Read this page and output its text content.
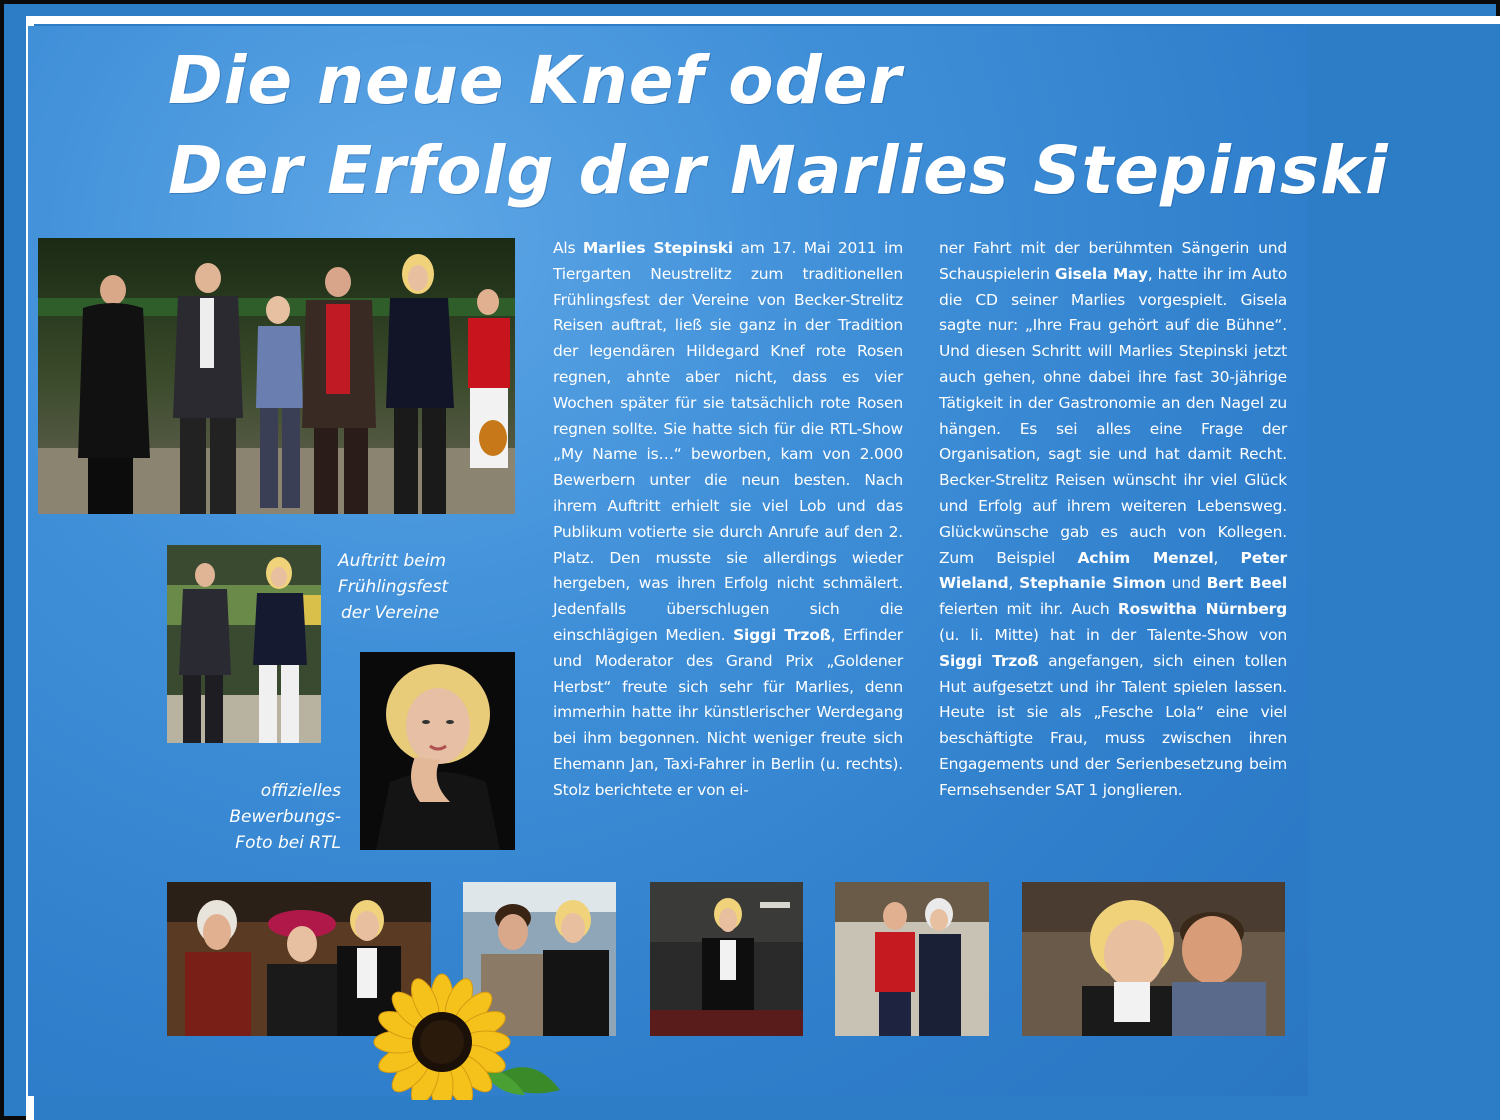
Die neue Knef oder
Der Erfolg der Marlies Stepinski
Auftritt beim
Frühlingsfest
der Vereine
offizielles
Bewerbungs-
Foto bei RTL
Als Marlies Stepinski am 17. Mai 2011 im Tiergarten Neustrelitz zum traditionellen Frühlingsfest der Vereine von Becker-Strelitz Reisen auftrat, ließ sie ganz in der Tradition der legendären Hildegard Knef rote Rosen regnen, ahnte aber nicht, dass es vier Wochen später für sie tatsächlich rote Rosen regnen sollte. Sie hatte sich für die RTL-Show „My Name is…“ beworben, kam von 2.000 Bewerbern unter die neun besten. Nach ihrem Auftritt erhielt sie viel Lob und das Publikum votierte sie durch Anrufe auf den 2. Platz. Den musste sie allerdings wieder hergeben, was ihren Erfolg nicht schmälert. Jedenfalls überschlugen sich die einschlägigen Medien. Siggi Trzoß, Erfinder und Moderator des Grand Prix „Goldener Herbst“ freute sich sehr für Marlies, denn immerhin hatte ihr künstlerischer Werdegang bei ihm begonnen. Nicht weniger freute sich Ehemann Jan, Taxi-Fahrer in Berlin (u. rechts). Stolz berichtete er von ei-
ner Fahrt mit der berühmten Sängerin und Schauspielerin Gisela May, hatte ihr im Auto die CD seiner Marlies vorgespielt. Gisela sagte nur: „Ihre Frau gehört auf die Bühne“. Und diesen Schritt will Marlies Stepinski jetzt auch gehen, ohne dabei ihre fast 30-jährige Tätigkeit in der Gastronomie an den Nagel zu hängen. Es sei alles eine Frage der Organisation, sagt sie und hat damit Recht. Becker-Strelitz Reisen wünscht ihr viel Glück und Erfolg auf ihrem weiteren Lebensweg. Glückwünsche gab es auch von Kollegen. Zum Beispiel Achim Menzel, Peter Wieland, Stephanie Simon und Bert Beel feierten mit ihr. Auch Roswitha Nürnberg (u. li. Mitte) hat in der Talente-Show von Siggi Trzoß angefangen, sich einen tollen Hut aufgesetzt und ihr Talent spielen lassen. Heute ist sie als „Fesche Lola“ eine viel beschäftigte Frau, muss zwischen ihren Engagements und der Serienbesetzung beim Fernsehsender SAT 1 jonglieren.
